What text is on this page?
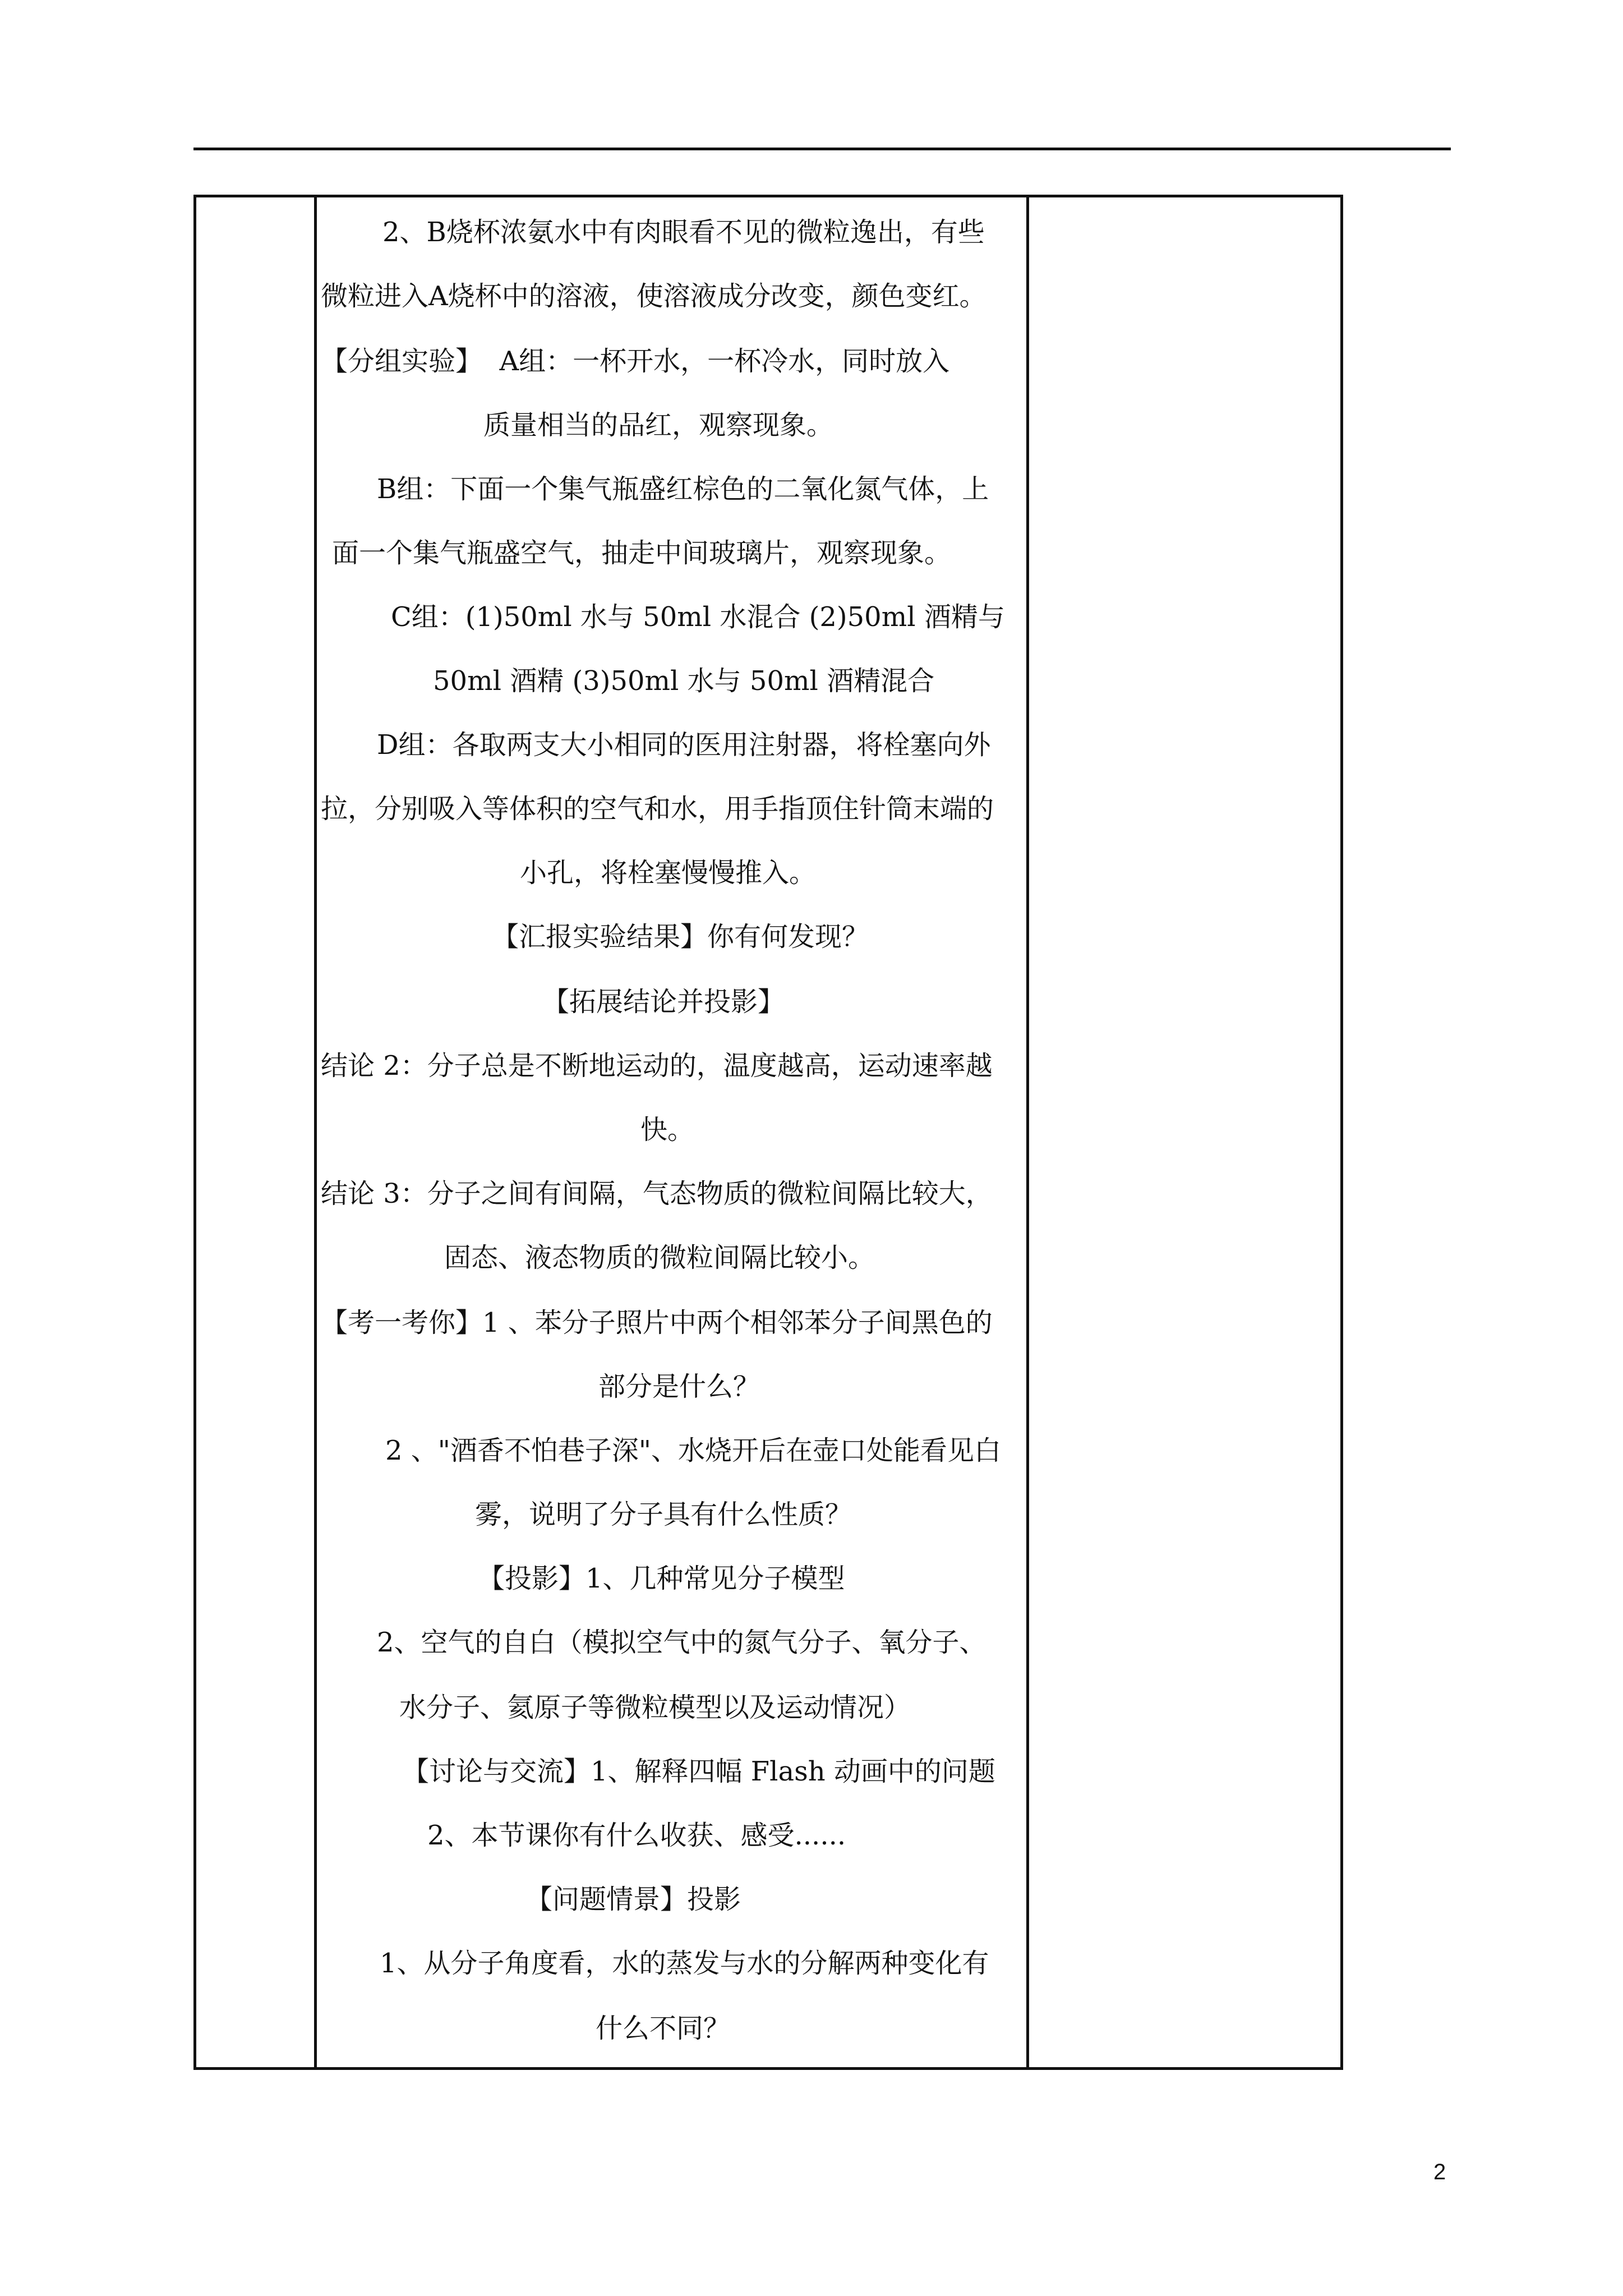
2、B烧杯浓氨水中有肉眼看不见的微粒逸出，有些
微粒进入A烧杯中的溶液，使溶液成分改变，颜色变红。
【分组实验】  A组：一杯开水，一杯冷水，同时放入
质量相当的品红，观察现象。
B组：下面一个集气瓶盛红棕色的二氧化氮气体，上
面一个集气瓶盛空气，抽走中间玻璃片，观察现象。
C组：(1)50ml 水与 50ml 水混合 (2)50ml 酒精与
50ml 酒精 (3)50ml 水与 50ml 酒精混合
D组：各取两支大小相同的医用注射器，将栓塞向外
拉，分别吸入等体积的空气和水，用手指顶住针筒末端的
小孔，将栓塞慢慢推入。
【汇报实验结果】你有何发现？
【拓展结论并投影】
结论 2：分子总是不断地运动的，温度越高，运动速率越
快。
结论 3：分子之间有间隔，气态物质的微粒间隔比较大，
固态、液态物质的微粒间隔比较小。
【考一考你】1 、苯分子照片中两个相邻苯分子间黑色的
部分是什么？
2 、"酒香不怕巷子深"、水烧开后在壶口处能看见白
雾，说明了分子具有什么性质？
【投影】1、几种常见分子模型
2、空气的自白（模拟空气中的氮气分子、氧分子、
水分子、氦原子等微粒模型以及运动情况）
【讨论与交流】1、解释四幅 Flash 动画中的问题
2、本节课你有什么收获、感受......
【问题情景】投影
1、从分子角度看，水的蒸发与水的分解两种变化有
什么不同？
2
